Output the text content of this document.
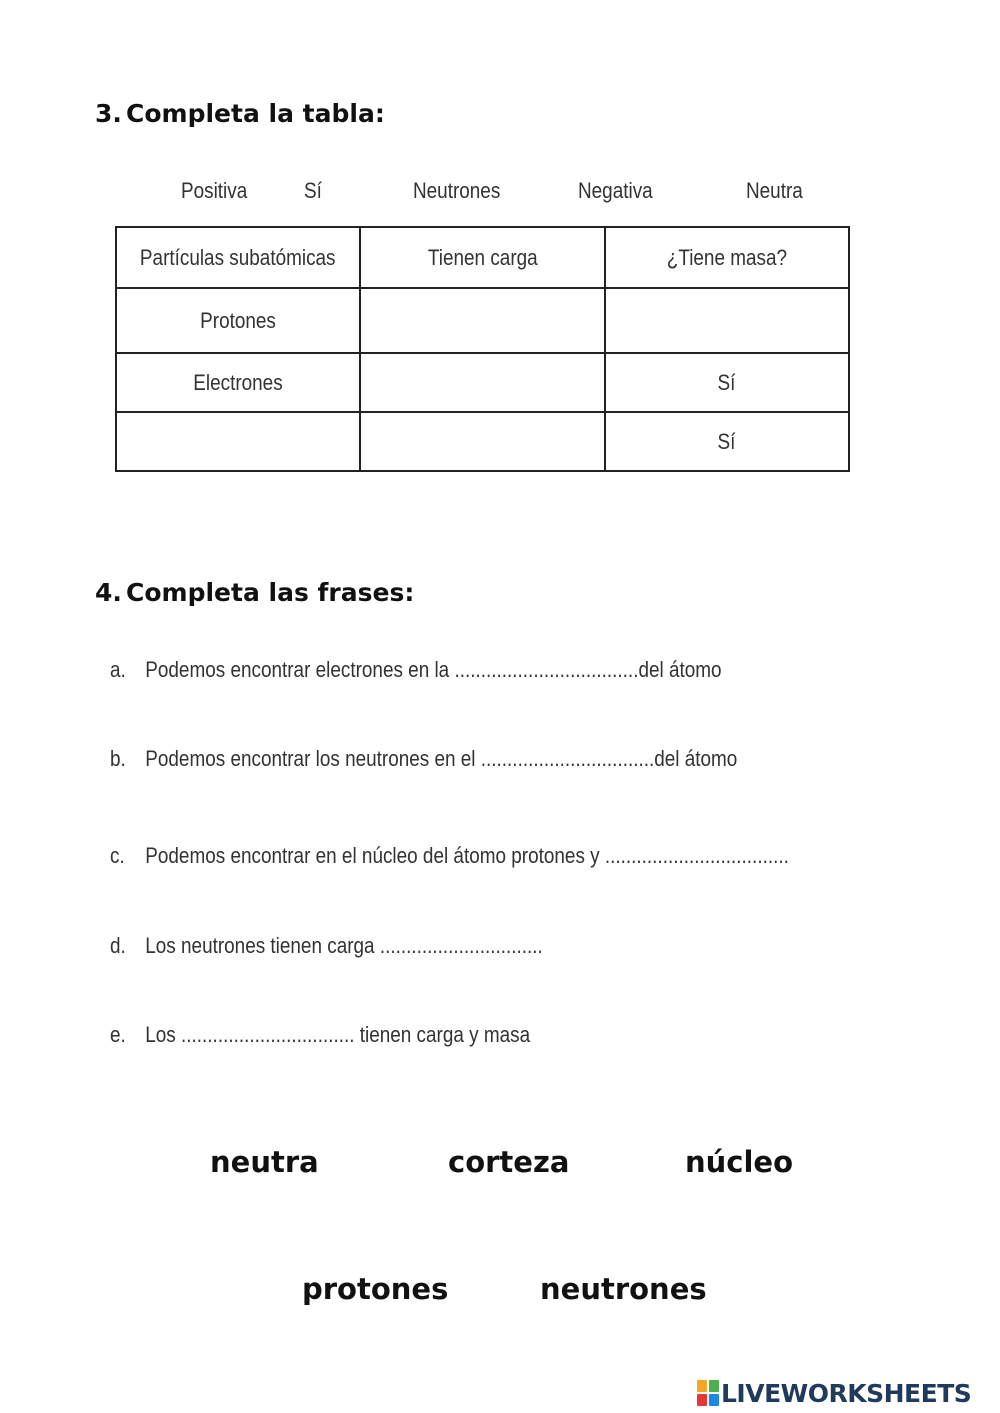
3. Completa la tabla:
Positiva	Sí	Neutrones	Negativa	Neutra
Partículas subatómicas	Tienen carga	¿Tiene masa?
Protones		
Electrones		Sí
		Sí
4. Completa las frases:
a. Podemos encontrar electrones en la ...................................del átomo
b. Podemos encontrar los neutrones en el .................................del átomo
c. Podemos encontrar en el núcleo del átomo protones y ...................................
d. Los neutrones tienen carga ...............................
e. Los ................................. tienen carga y masa
neutra	corteza	núcleo
protones	neutrones
LIVEWORKSHEETS
